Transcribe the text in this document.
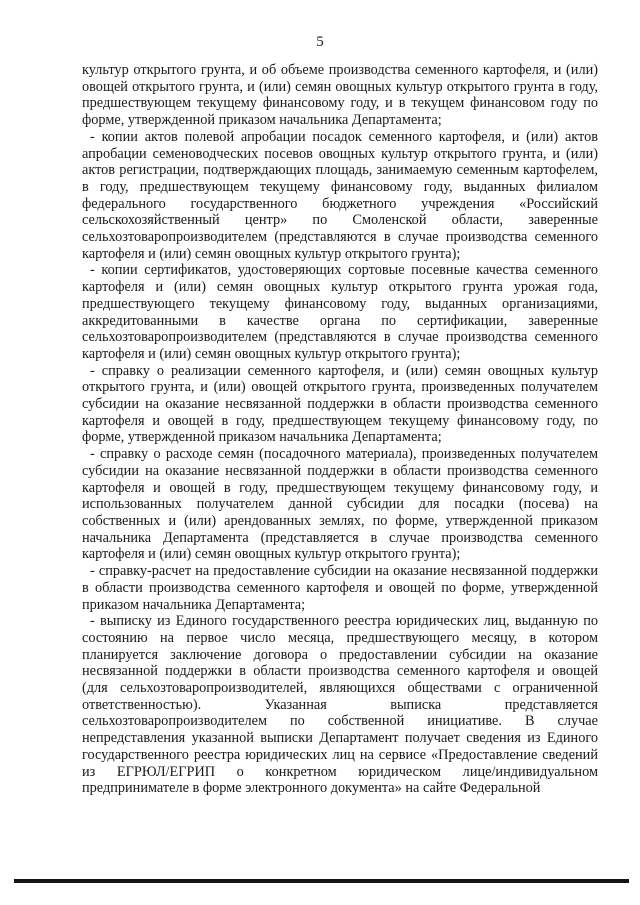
5

культур открытого грунта, и об объеме производства семенного картофеля, и (или) овощей открытого грунта, и (или) семян овощных культур открытого грунта в году, предшествующем текущему финансовому году, и в текущем финансовом году по форме, утвержденной приказом начальника Департамента;

- копии актов полевой апробации посадок семенного картофеля, и (или) актов апробации семеноводческих посевов овощных культур открытого грунта, и (или) актов регистрации, подтверждающих площадь, занимаемую семенным картофелем, в году, предшествующем текущему финансовому году, выданных филиалом федерального государственного бюджетного учреждения «Российский сельскохозяйственный центр» по Смоленской области, заверенные сельхозтоваропроизводителем (представляются в случае производства семенного картофеля и (или) семян овощных культур открытого грунта);

- копии сертификатов, удостоверяющих сортовые посевные качества семенного картофеля и (или) семян овощных культур открытого грунта урожая года, предшествующего текущему финансовому году, выданных организациями, аккредитованными в качестве органа по сертификации, заверенные сельхозтоваропроизводителем (представляются в случае производства семенного картофеля и (или) семян овощных культур открытого грунта);

- справку о реализации семенного картофеля, и (или) семян овощных культур открытого грунта, и (или) овощей открытого грунта, произведенных получателем субсидии на оказание несвязанной поддержки в области производства семенного картофеля и овощей в году, предшествующем текущему финансовому году, по форме, утвержденной приказом начальника Департамента;

- справку о расходе семян (посадочного материала), произведенных получателем субсидии на оказание несвязанной поддержки в области производства семенного картофеля и овощей в году, предшествующем текущему финансовому году, и использованных получателем данной субсидии для посадки (посева) на собственных и (или) арендованных землях, по форме, утвержденной приказом начальника Департамента (представляется в случае производства семенного картофеля и (или) семян овощных культур открытого грунта);

- справку-расчет на предоставление субсидии на оказание несвязанной поддержки в области производства семенного картофеля и овощей по форме, утвержденной приказом начальника Департамента;

- выписку из Единого государственного реестра юридических лиц, выданную по состоянию на первое число месяца, предшествующего месяцу, в котором планируется заключение договора о предоставлении субсидии на оказание несвязанной поддержки в области производства семенного картофеля и овощей (для сельхозтоваропроизводителей, являющихся обществами с ограниченной ответственностью). Указанная выписка представляется сельхозтоваропроизводителем по собственной инициативе. В случае непредставления указанной выписки Департамент получает сведения из Единого государственного реестра юридических лиц на сервисе «Предоставление сведений из ЕГРЮЛ/ЕГРИП о конкретном юридическом лице/индивидуальном предпринимателе в форме электронного документа» на сайте Федеральной
